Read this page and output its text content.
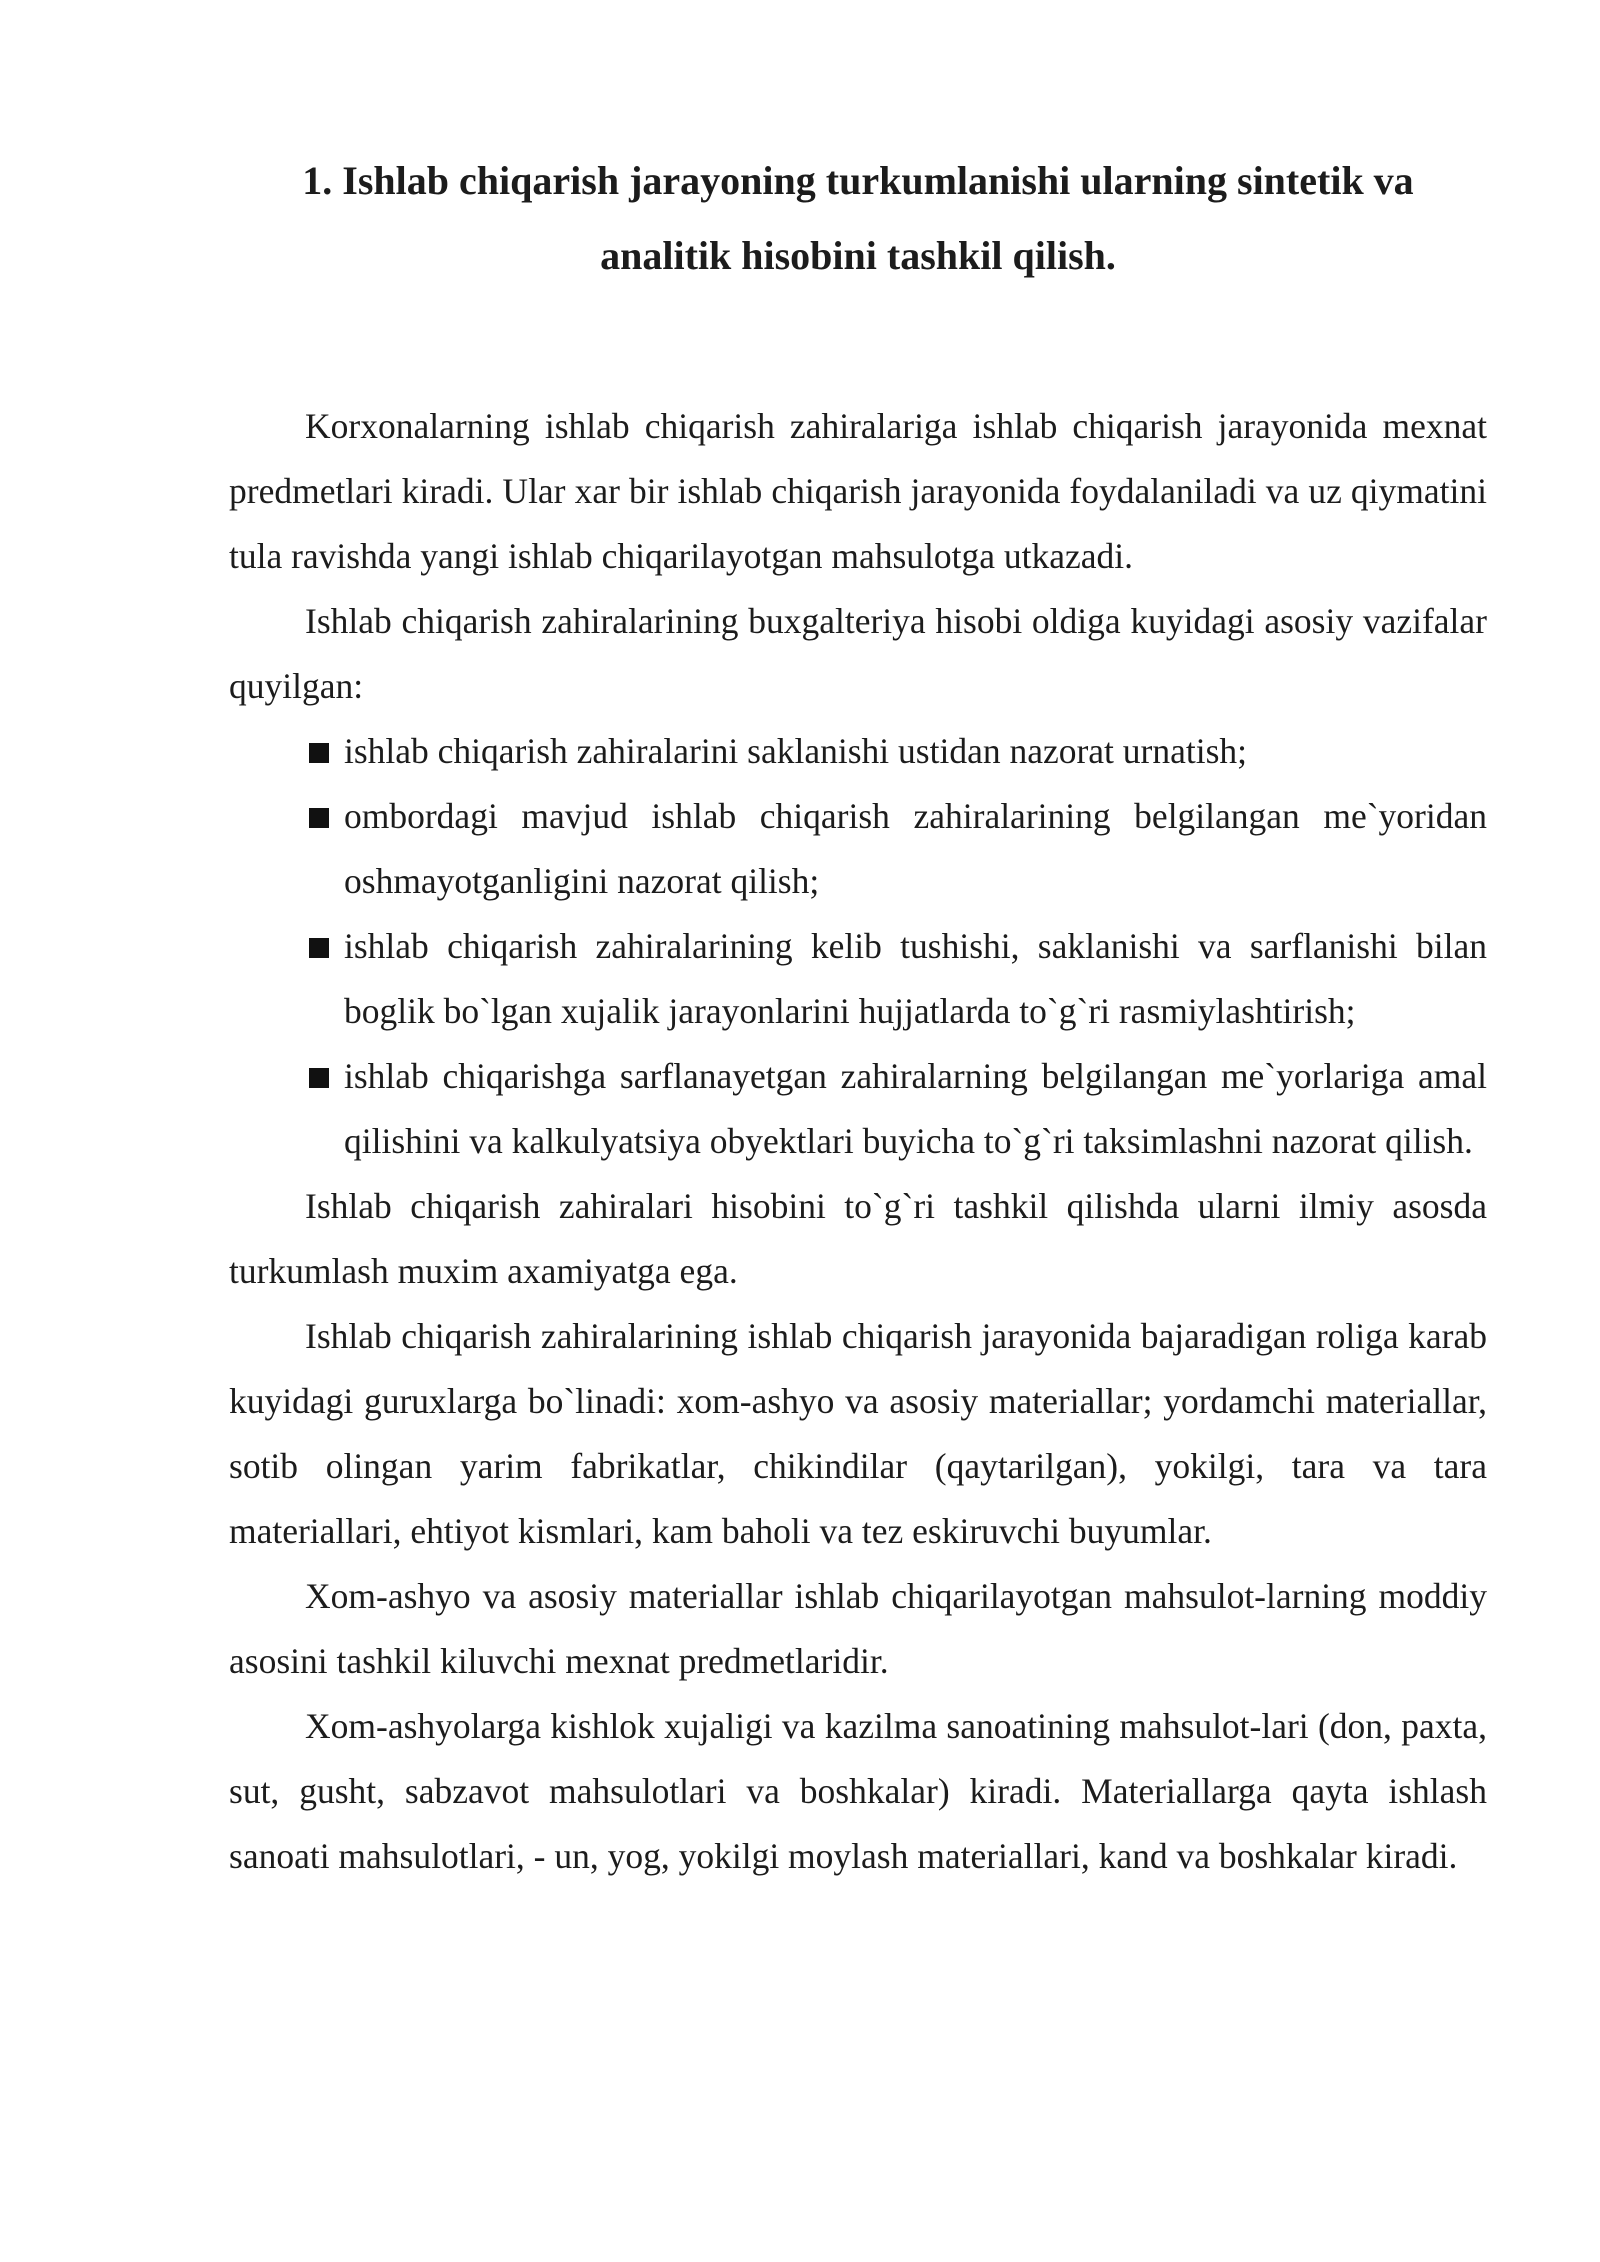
1. Ishlab chiqarish jarayoning turkumlanishi ularning sintetik va
analitik hisobini tashkil qilish.

Korxonalarning ishlab chiqarish zahiralariga ishlab chiqarish jarayonida mexnat predmetlari kiradi. Ular xar bir ishlab chiqarish jarayonida foydalaniladi va uz qiymatini tula ravishda yangi ishlab chiqarilayotgan mahsulotga utkazadi.

Ishlab chiqarish zahiralarining buxgalteriya hisobi oldiga kuyidagi asosiy vazifalar quyilgan:

ishlab chiqarish zahiralarini saklanishi ustidan nazorat urnatish;
ombordagi mavjud ishlab chiqarish zahiralarining belgilangan me`yoridan oshmayotganligini nazorat qilish;
ishlab chiqarish zahiralarining kelib tushishi, saklanishi va sarflanishi bilan boglik bo`lgan xujalik jarayonlarini hujjatlarda to`g`ri rasmiylashtirish;
ishlab chiqarishga sarflanayetgan zahiralarning belgilangan me`yorlariga amal qilishini va kalkulyatsiya obyektlari buyicha to`g`ri taksimlashni nazorat qilish.

Ishlab chiqarish zahiralari hisobini to`g`ri tashkil qilishda ularni ilmiy asosda turkumlash muxim axamiyatga ega.

Ishlab chiqarish zahiralarining ishlab chiqarish jarayonida bajaradigan roliga karab kuyidagi guruxlarga bo`linadi: xom-ashyo va asosiy materiallar; yordamchi materiallar, sotib olingan yarim fabrikatlar, chikindilar (qaytarilgan), yokilgi, tara va tara materiallari, ehtiyot kismlari, kam baholi va tez eskiruvchi buyumlar.

Xom-ashyo va asosiy materiallar ishlab chiqarilayotgan mahsulot-larning moddiy asosini tashkil kiluvchi mexnat predmetlaridir.

Xom-ashyolarga kishlok xujaligi va kazilma sanoatining mahsulot-lari (don, paxta, sut, gusht, sabzavot mahsulotlari va boshkalar) kiradi. Materiallarga qayta ishlash sanoati mahsulotlari, - un, yog, yokilgi moylash materiallari, kand va boshkalar kiradi.
